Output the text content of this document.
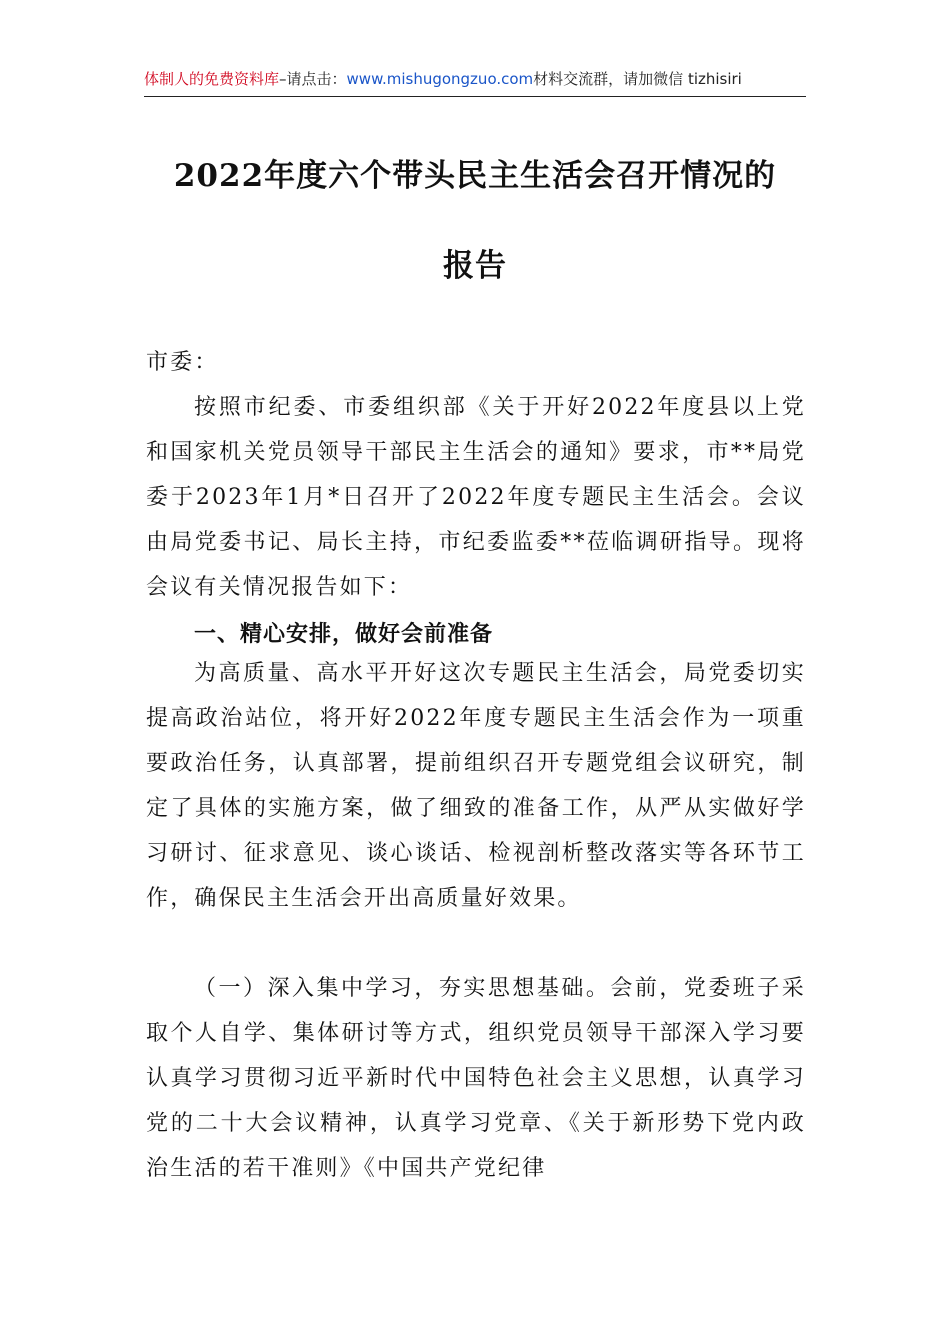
体制人的免费资料库–请点击：www.mishugongzuo.com材料交流群，请加微信 tizhisiri
2022年度六个带头民主生活会召开情况的
报告
市委：
按照市纪委、市委组织部《关于开好2022年度县以上党和国家机关党员领导干部民主生活会的通知》要求，市**局党委于2023年1月*日召开了2022年度专题民主生活会。会议由局党委书记、局长主持，市纪委监委**莅临调研指导。现将会议有关情况报告如下：
一、精心安排，做好会前准备
为高质量、高水平开好这次专题民主生活会，局党委切实提高政治站位，将开好2022年度专题民主生活会作为一项重要政治任务，认真部署，提前组织召开专题党组会议研究，制定了具体的实施方案，做了细致的准备工作，从严从实做好学习研讨、征求意见、谈心谈话、检视剖析整改落实等各环节工作，确保民主生活会开出高质量好效果。
（一）深入集中学习，夯实思想基础。会前，党委班子采取个人自学、集体研讨等方式，组织党员领导干部深入学习要认真学习贯彻习近平新时代中国特色社会主义思想，认真学习党的二十大会议精神，认真学习党章、《关于新形势下党内政治生活的若干准则》《中国共产党纪律
